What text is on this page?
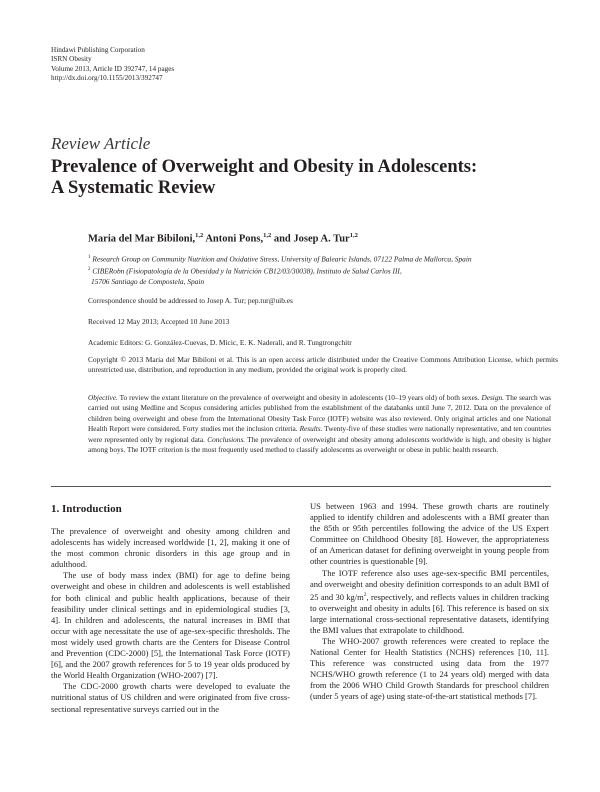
Hindawi Publishing Corporation
ISRN Obesity
Volume 2013, Article ID 392747, 14 pages
http://dx.doi.org/10.1155/2013/392747
Review Article
Prevalence of Overweight and Obesity in Adolescents:
A Systematic Review
Maria del Mar Bibiloni,$^{1,2}$ Antoni Pons,$^{1,2}$ and Josep A. Tur$^{1,2}$
$^1$ Research Group on Community Nutrition and Oxidative Stress, University of Balearic Islands, 07122 Palma de Mallorca, Spain
$^2$ CIBERobn (Fisiopatología de la Obesidad y la Nutrición CB12/03/30038), Instituto de Salud Carlos III,
15706 Santiago de Compostela, Spain
Correspondence should be addressed to Josep A. Tur; pep.tur@uib.es
Received 12 May 2013; Accepted 10 June 2013
Academic Editors: G. González-Cuevas, D. Micic, E. K. Naderali, and R. Tungtrongchitr
Copyright © 2013 Maria del Mar Bibiloni et al. This is an open access article distributed under the Creative Commons Attribution License, which permits unrestricted use, distribution, and reproduction in any medium, provided the original work is properly cited.
Objective. To review the extant literature on the prevalence of overweight and obesity in adolescents (10–19 years old) of both sexes. Design. The search was carried out using Medline and Scopus considering articles published from the establishment of the databanks until June 7, 2012. Data on the prevalence of children being overweight and obese from the International Obesity Task Force (IOTF) website was also reviewed. Only original articles and one National Health Report were considered. Forty studies met the inclusion criteria. Results. Twenty-five of these studies were nationally representative, and ten countries were represented only by regional data. Conclusions. The prevalence of overweight and obesity among adolescents worldwide is high, and obesity is higher among boys. The IOTF criterion is the most frequently used method to classify adolescents as overweight or obese in public health research.
1. Introduction

The prevalence of overweight and obesity among children and adolescents has widely increased worldwide [1, 2], making it one of the most common chronic disorders in this age group and in adulthood.

The use of body mass index (BMI) for age to define being overweight and obese in children and adolescents is well established for both clinical and public health applications, because of their feasibility under clinical settings and in epidemiological studies [3, 4]. In children and adolescents, the natural increases in BMI that occur with age necessitate the use of age-sex-specific thresholds. The most widely used growth charts are the Centers for Disease Control and Prevention (CDC-2000) [5], the International Task Force (IOTF) [6], and the 2007 growth references for 5 to 19 year olds produced by the World Health Organization (WHO-2007) [7].

The CDC-2000 growth charts were developed to evaluate the nutritional status of US children and were originated from five cross-sectional representative surveys carried out in the

US between 1963 and 1994. These growth charts are routinely applied to identify children and adolescents with a BMI greater than the 85th or 95th percentiles following the advice of the US Expert Committee on Childhood Obesity [8]. However, the appropriateness of an American dataset for defining overweight in young people from other countries is questionable [9].

The IOTF reference also uses age-sex-specific BMI percentiles, and overweight and obesity definition corresponds to an adult BMI of 25 and 30 $kg/m^2$, respectively, and reflects values in children tracking to overweight and obesity in adults [6]. This reference is based on six large international cross-sectional representative datasets, identifying the BMI values that extrapolate to childhood.

The WHO-2007 growth references were created to replace the National Center for Health Statistics (NCHS) references [10, 11]. This reference was constructed using data from the 1977 NCHS/WHO growth reference (1 to 24 years old) merged with data from the 2006 WHO Child Growth Standards for preschool children (under 5 years of age) using state-of-the-art statistical methods [7].
